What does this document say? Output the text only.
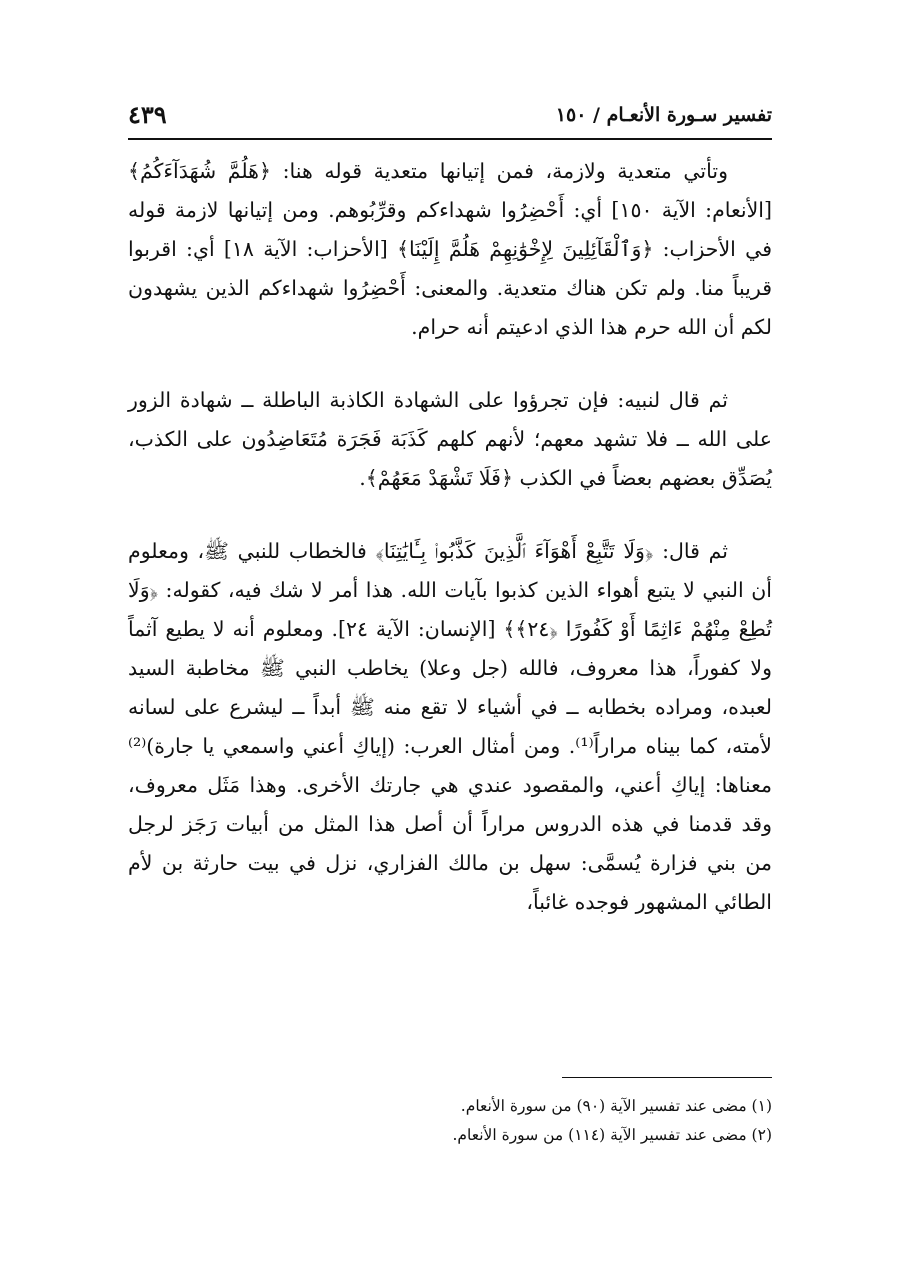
تفسير سـورة الأنعـام / ١٥٠
٤٣٩

وتأتي متعدية ولازمة، فمن إتيانها متعدية قوله هنا: ﴿هَلُمَّ شُهَدَآءَكُمُ﴾ [الأنعام: الآية ١٥٠] أي: أَحْضِرُوا شهداءكم وقرِّبُوهم. ومن إتيانها لازمة قوله في الأحزاب: ﴿وَٱلْقَآئِلِينَ لِإِخْوَٰنِهِمْ هَلُمَّ إِلَيْنَا﴾ [الأحزاب: الآية ١٨] أي: اقربوا قريباً منا. ولم تكن هناك متعدية. والمعنى: أَحْضِرُوا شهداءكم الذين يشهدون لكم أن الله حرم هذا الذي ادعيتم أنه حرام.

ثم قال لنبيه: فإن تجرؤوا على الشهادة الكاذبة الباطلة ــ شهادة الزور على الله ــ فلا تشهد معهم؛ لأنهم كلهم كَذَبَة فَجَرَة مُتَعَاضِدُون على الكذب، يُصَدِّق بعضهم بعضاً في الكذب ﴿فَلَا تَشْهَدْ مَعَهُمْ﴾.

ثم قال: ﴿وَلَا تَتَّبِعْ أَهْوَآءَ ٱلَّذِينَ كَذَّبُوا۟ بِـَٔايَٰتِنَا﴾ فالخطاب للنبي ﷺ، ومعلوم أن النبي لا يتبع أهواء الذين كذبوا بآيات الله. هذا أمر لا شك فيه، كقوله: ﴿وَلَا تُطِعْ مِنْهُمْ ءَاثِمًا أَوْ كَفُورًا ﴿٢٤﴾﴾ [الإنسان: الآية ٢٤]. ومعلوم أنه لا يطيع آثماً ولا كفوراً، هذا معروف، فالله (جل وعلا) يخاطب النبي ﷺ مخاطبة السيد لعبده، ومراده بخطابه ــ في أشياء لا تقع منه ﷺ أبداً ــ ليشرع على لسانه لأمته، كما بيناه مراراً⁽¹⁾. ومن أمثال العرب: (إياكِ أعني واسمعي يا جارة)⁽²⁾ معناها: إياكِ أعني، والمقصود عندي هي جارتك الأخرى. وهذا مَثَل معروف، وقد قدمنا في هذه الدروس مراراً أن أصل هذا المثل من أبيات رَجَز لرجل من بني فزارة يُسمَّى: سهل بن مالك الفزاري، نزل في بيت حارثة بن لأم الطائي المشهور فوجده غائباً،

(١) مضى عند تفسير الآية (٩٠) من سورة الأنعام.

(٢) مضى عند تفسير الآية (١١٤) من سورة الأنعام.
